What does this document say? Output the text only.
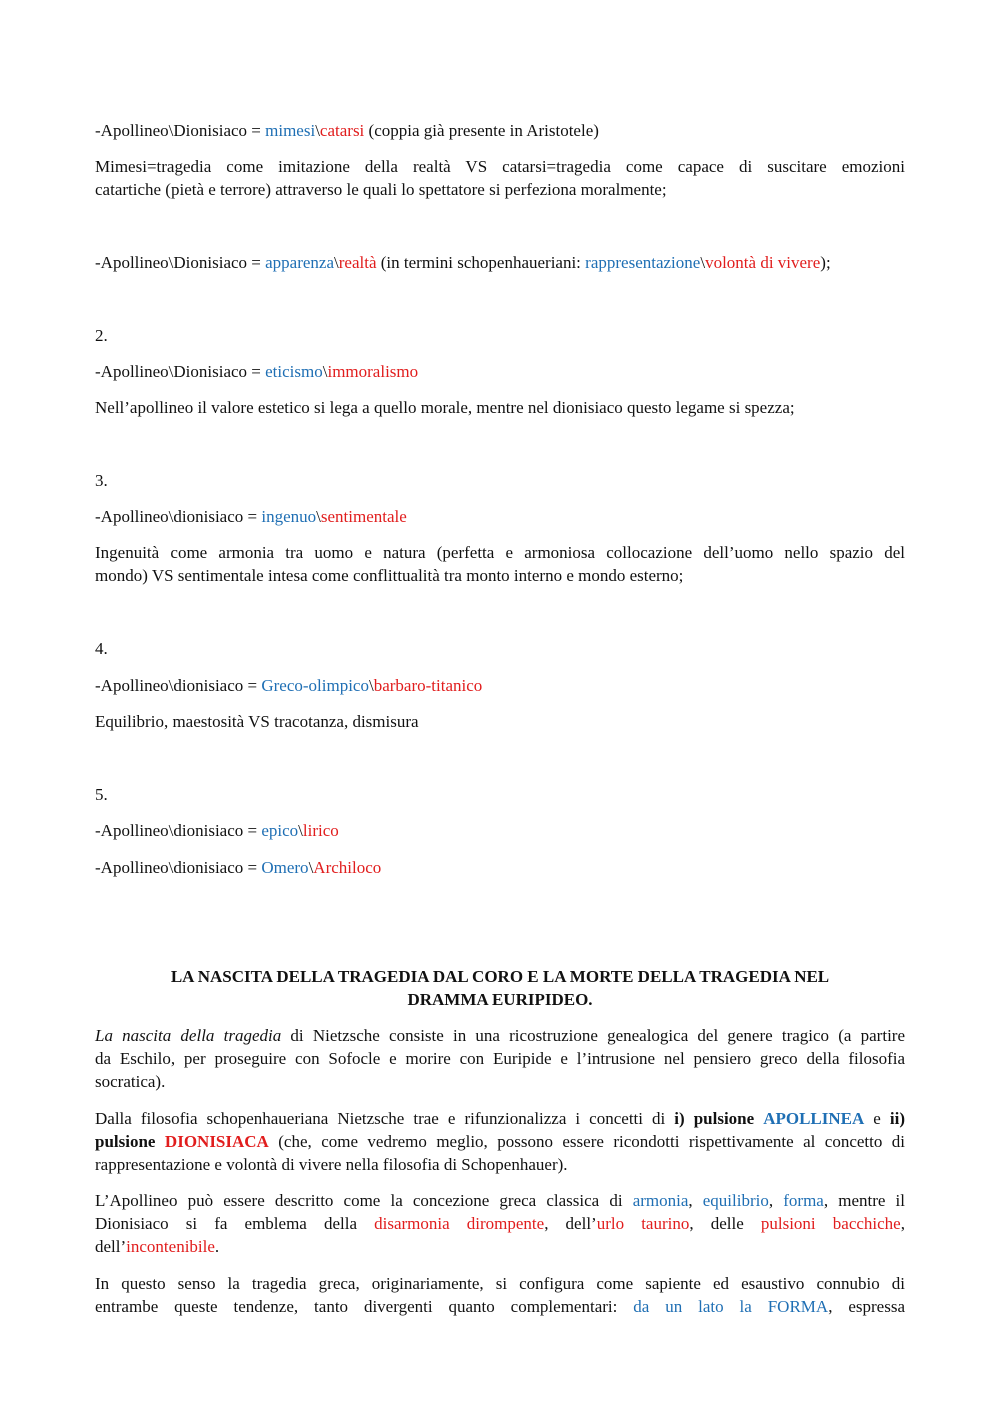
-Apollineo\Dionisiaco = mimesi\catarsi (coppia già presente in Aristotele)

Mimesi=tragedia come imitazione della realtà VS catarsi=tragedia come capace di suscitare emozioni

catartiche (pietà e terrore) attraverso le quali lo spettatore si perfeziona moralmente;

-Apollineo\Dionisiaco = apparenza\realtà (in termini schopenhaueriani: rappresentazione\volontà di vivere);

2.

-Apollineo\Dionisiaco = eticismo\immoralismo

Nell’apollineo il valore estetico si lega a quello morale, mentre nel dionisiaco questo legame si spezza;

3.

-Apollineo\dionisiaco = ingenuo\sentimentale

Ingenuità come armonia tra uomo e natura (perfetta e armoniosa collocazione dell’uomo nello spazio del

mondo) VS sentimentale intesa come conflittualità tra monto interno e mondo esterno;

4.

-Apollineo\dionisiaco = Greco-olimpico\barbaro-titanico

Equilibrio, maestosità VS tracotanza, dismisura

5.

-Apollineo\dionisiaco = epico\lirico

-Apollineo\dionisiaco = Omero\Archiloco

LA NASCITA DELLA TRAGEDIA DAL CORO E LA MORTE DELLA TRAGEDIA NEL

DRAMMA EURIPIDEO.

La nascita della tragedia di Nietzsche consiste in una ricostruzione genealogica del genere tragico (a partire

da Eschilo, per proseguire con Sofocle e morire con Euripide e l’intrusione nel pensiero greco della filosofia

socratica).

Dalla filosofia schopenhaueriana Nietzsche trae e rifunzionalizza i concetti di i) pulsione APOLLINEA e ii)

pulsione DIONISIACA (che, come vedremo meglio, possono essere ricondotti rispettivamente al concetto di

rappresentazione e volontà di vivere nella filosofia di Schopenhauer).

L’Apollineo può essere descritto come la concezione greca classica di armonia, equilibrio, forma, mentre il

Dionisiaco si fa emblema della disarmonia dirompente, dell’urlo taurino, delle pulsioni bacchiche,

dell’incontenibile.

In questo senso la tragedia greca, originariamente, si configura come sapiente ed esaustivo connubio di

entrambe queste tendenze, tanto divergenti quanto complementari: da un lato la FORMA, espressa
